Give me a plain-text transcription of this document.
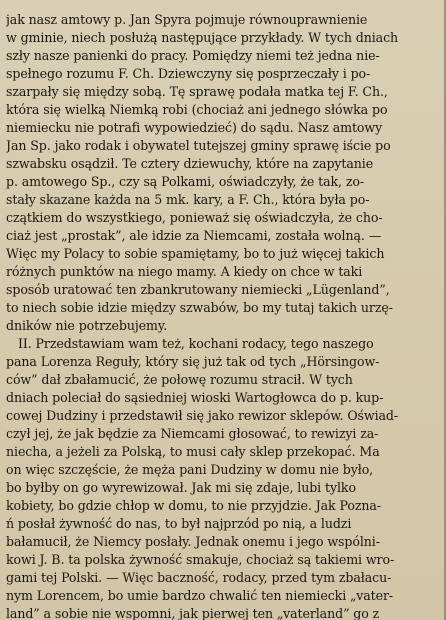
jak nasz amtowy p. Jan Spyra pojmuje równouprawnienie
w gminie, niech posłużą następujące przykłady. W tych dniach
szły nasze panienki do pracy. Pomiędzy niemi też jedna nie-
spełnego rozumu F. Ch. Dziewczyny się posprzeczały i po-
szarpały się między sobą. Tę sprawę podała matka tej F. Ch.,
która się wielką Niemką robi (chociaż ani jednego słówka po
niemiecku nie potrafi wypowiedzieć) do sądu. Nasz amtowy
Jan Sp. jako rodak i obywatel tutejszej gminy sprawę iście po
szwabsku osądził. Te cztery dziewuchy, które na zapytanie
p. amtowego Sp., czy są Polkami, oświadczyły, że tak, zo-
stały skazane każda na 5 mk. kary, a F. Ch., która była po-
czątkiem do wszystkiego, ponieważ się oświadczyła, że cho-
ciaż jest „prostak”, ale idzie za Niemcami, została wolną. —
Więc my Polacy to sobie spamiętamy, bo to już więcej takich
różnych punktów na niego mamy. A kiedy on chce w taki
sposób uratować ten zbankrutowany niemiecki „Lügenland”,
to niech sobie idzie między szwabów, bo my tutaj takich urzę-
dników nie potrzebujemy.
II. Przedstawiam wam też, kochani rodacy, tego naszego
pana Lorenza Reguły, który się już tak od tych „Hörsingow-
ców” dał zbałamucić, że połowę rozumu stracił. W tych
dniach poleciał do sąsiedniej wioski Wartogłowca do p. kup-
cowej Dudziny i przedstawił się jako rewizor sklepów. Oświad-
czył jej, że jak będzie za Niemcami głosować, to rewizyi za-
niecha, a jeżeli za Polską, to musi cały sklep przekopać. Ma
on więc szczęście, że męża pani Dudziny w domu nie było,
bo byłby on go wyrewizował. Jak mi się zdaje, lubi tylko
kobiety, bo gdzie chłop w domu, to nie przyjdzie. Jak Pozna-
ń posłał żywność do nas, to był najprzód po nią, a ludzi
bałamucił, że Niemcy posłały. Jednak onemu i jego wspólni-
kowi J. B. ta polska żywność smakuje, chociaż są takiemi wro-
gami tej Polski. — Więc baczność, rodacy, przed tym zbałacu-
nym Lorencem, bo umie bardzo chwalić ten niemiecki „vater-
land” a sobie nie wspomni, jak pierwej ten „vaterland” go z
